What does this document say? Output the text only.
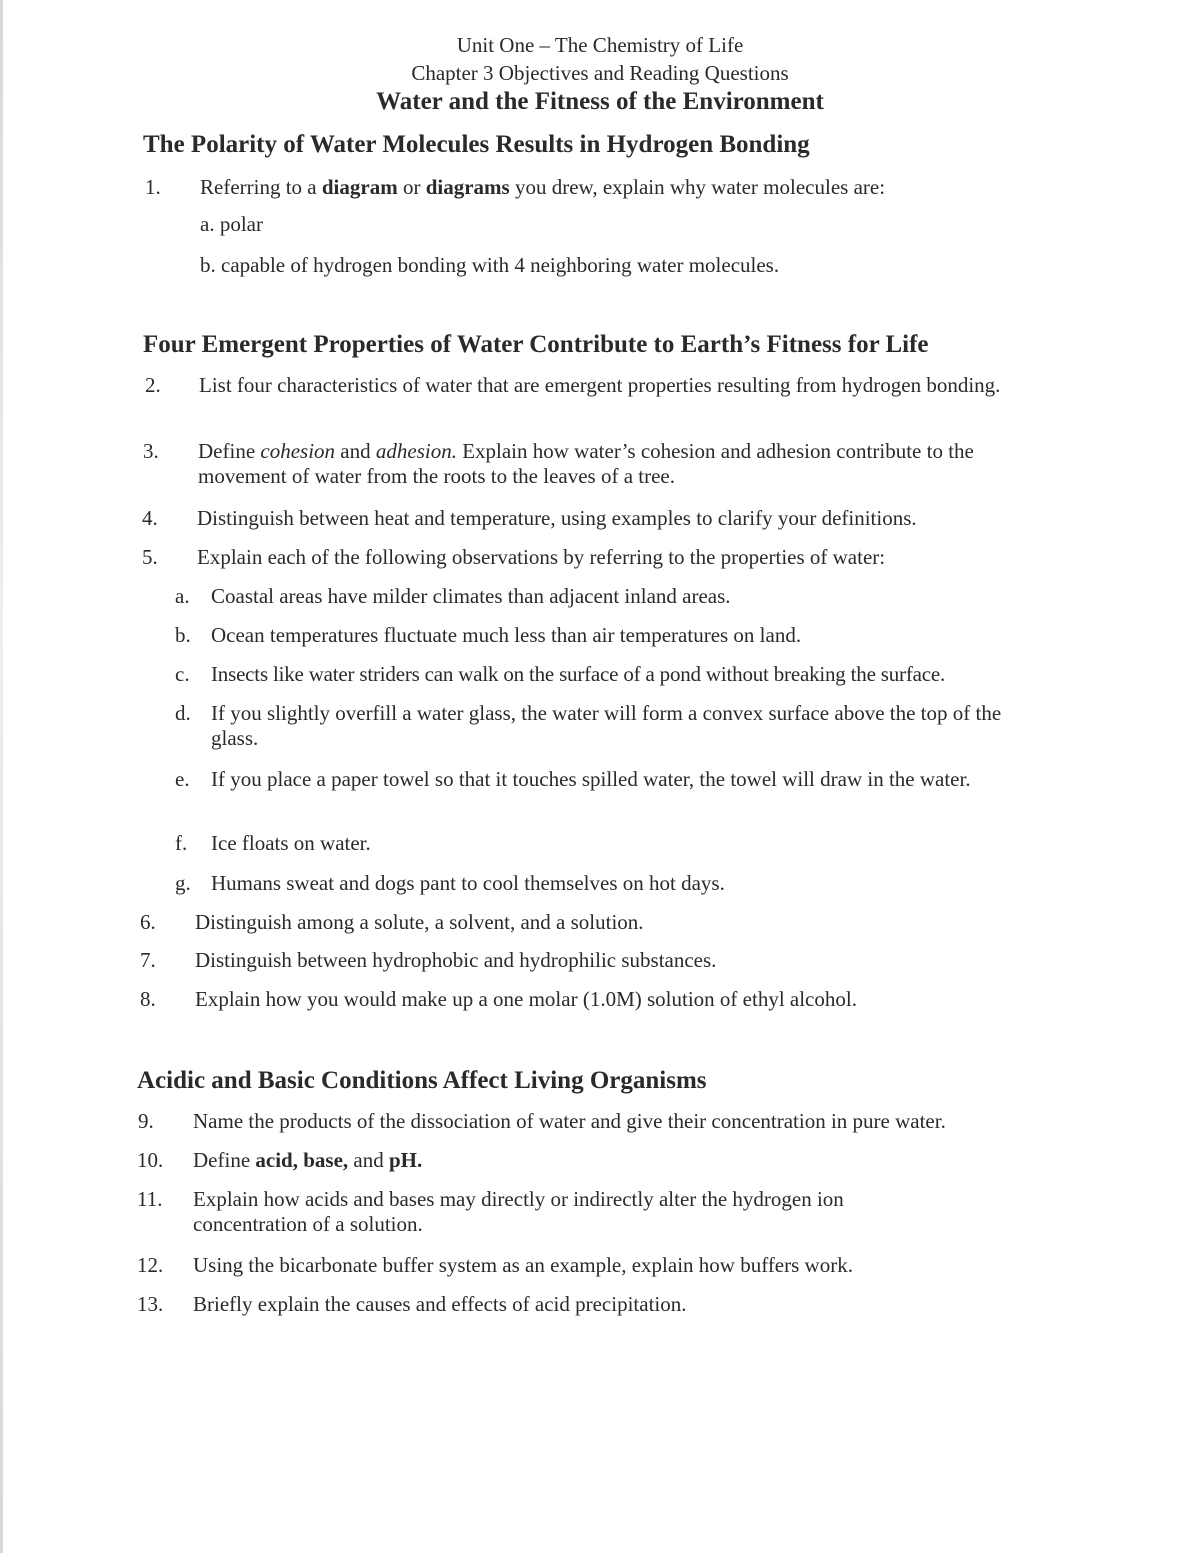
Unit One – The Chemistry of Life
Chapter 3 Objectives and Reading Questions
Water and the Fitness of the Environment
The Polarity of Water Molecules Results in Hydrogen Bonding
1. Referring to a diagram or diagrams you drew, explain why water molecules are:
a. polar
b. capable of hydrogen bonding with 4 neighboring water molecules.
Four Emergent Properties of Water Contribute to Earth’s Fitness for Life
2. List four characteristics of water that are emergent properties resulting from hydrogen bonding.
3. Define cohesion and adhesion. Explain how water’s cohesion and adhesion contribute to the movement of water from the roots to the leaves of a tree.
4. Distinguish between heat and temperature, using examples to clarify your definitions.
5. Explain each of the following observations by referring to the properties of water:
a. Coastal areas have milder climates than adjacent inland areas.
b. Ocean temperatures fluctuate much less than air temperatures on land.
c. Insects like water striders can walk on the surface of a pond without breaking the surface.
d. If you slightly overfill a water glass, the water will form a convex surface above the top of the glass.
e. If you place a paper towel so that it touches spilled water, the towel will draw in the water.
f. Ice floats on water.
g. Humans sweat and dogs pant to cool themselves on hot days.
6. Distinguish among a solute, a solvent, and a solution.
7. Distinguish between hydrophobic and hydrophilic substances.
8. Explain how you would make up a one molar (1.0M) solution of ethyl alcohol.
Acidic and Basic Conditions Affect Living Organisms
9. Name the products of the dissociation of water and give their concentration in pure water.
10. Define acid, base, and pH.
11. Explain how acids and bases may directly or indirectly alter the hydrogen ion concentration of a solution.
12. Using the bicarbonate buffer system as an example, explain how buffers work.
13. Briefly explain the causes and effects of acid precipitation.
